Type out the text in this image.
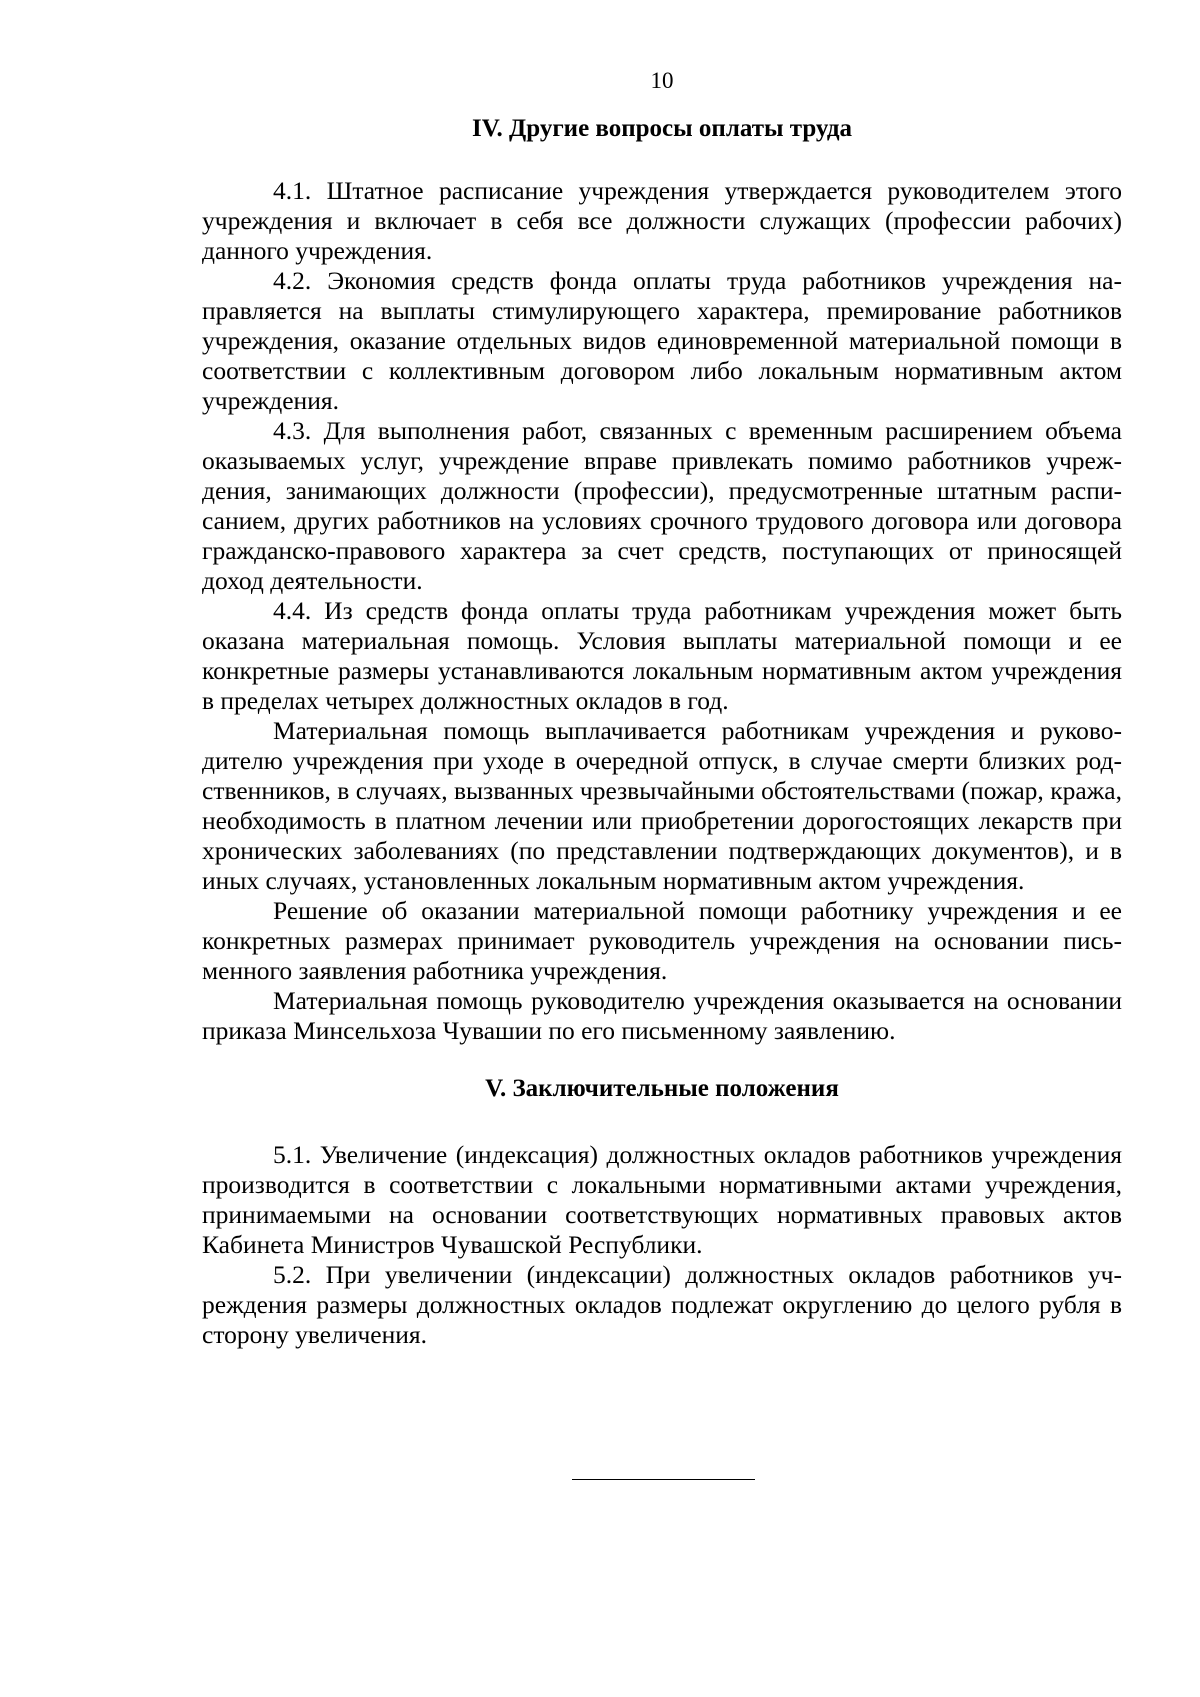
10
IV. Другие вопросы оплаты труда

4.1. Штатное расписание учреждения утверждается руководителем этого учреждения и включает в себя все должности служащих (профессии рабочих) данного учреждения.

4.2. Экономия средств фонда оплаты труда работников учреждения направляется на выплаты стимулирующего характера, премирование работников учреждения, оказание отдельных видов единовременной материальной помощи в соответствии с коллективным договором либо локальным нормативным актом учреждения.

4.3. Для выполнения работ, связанных с временным расширением объема оказываемых услуг, учреждение вправе привлекать помимо работников учреждения, занимающих должности (профессии), предусмотренные штатным расписанием, других работников на условиях срочного трудового договора или договора гражданско-правового характера за счет средств, поступающих от приносящей доход деятельности.

4.4. Из средств фонда оплаты труда работникам учреждения может быть оказана материальная помощь. Условия выплаты материальной помощи и ее конкретные размеры устанавливаются локальным нормативным актом учреждения в пределах четырех должностных окладов в год.

Материальная помощь выплачивается работникам учреждения и руководителю учреждения при уходе в очередной отпуск, в случае смерти близких родственников, в случаях, вызванных чрезвычайными обстоятельствами (пожар, кража, необходимость в платном лечении или приобретении дорогостоящих лекарств при хронических заболеваниях (по представлении подтверждающих документов), и в иных случаях, установленных локальным нормативным актом учреждения.

Решение об оказании материальной помощи работнику учреждения и ее конкретных размерах принимает руководитель учреждения на основании письменного заявления работника учреждения.

Материальная помощь руководителю учреждения оказывается на основании приказа Минсельхоза Чувашии по его письменному заявлению.

V. Заключительные положения

5.1. Увеличение (индексация) должностных окладов работников учреждения производится в соответствии с локальными нормативными актами учреждения, принимаемыми на основании соответствующих нормативных правовых актов Кабинета Министров Чувашской Республики.

5.2. При увеличении (индексации) должностных окладов работников учреждения размеры должностных окладов подлежат округлению до целого рубля в сторону увеличения.
